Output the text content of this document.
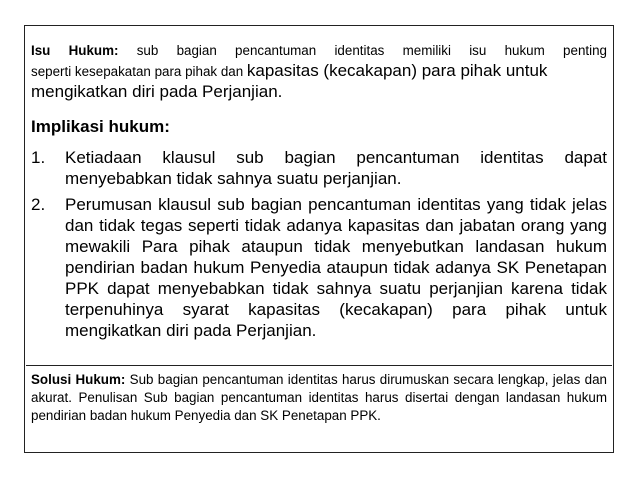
Isu Hukum: sub bagian pencantuman identitas memiliki isu hukum penting
seperti kesepakatan para pihak dan kapasitas (kecakapan) para pihak untuk
mengikatkan diri pada Perjanjian.
Implikasi hukum:
1. Ketiadaan klausul sub bagian pencantuman identitas dapat menyebabkan tidak sahnya suatu perjanjian.
2. Perumusan klausul sub bagian pencantuman identitas yang tidak jelas dan tidak tegas seperti tidak adanya kapasitas dan jabatan orang yang mewakili Para pihak ataupun tidak menyebutkan landasan hukum pendirian badan hukum Penyedia ataupun tidak adanya SK Penetapan PPK dapat menyebabkan tidak sahnya suatu perjanjian karena tidak terpenuhinya syarat kapasitas (kecakapan) para pihak untuk mengikatkan diri pada Perjanjian.
Solusi Hukum: Sub bagian pencantuman identitas harus dirumuskan secara lengkap, jelas dan akurat. Penulisan Sub bagian pencantuman identitas harus disertai dengan landasan hukum pendirian badan hukum Penyedia dan SK Penetapan PPK.
